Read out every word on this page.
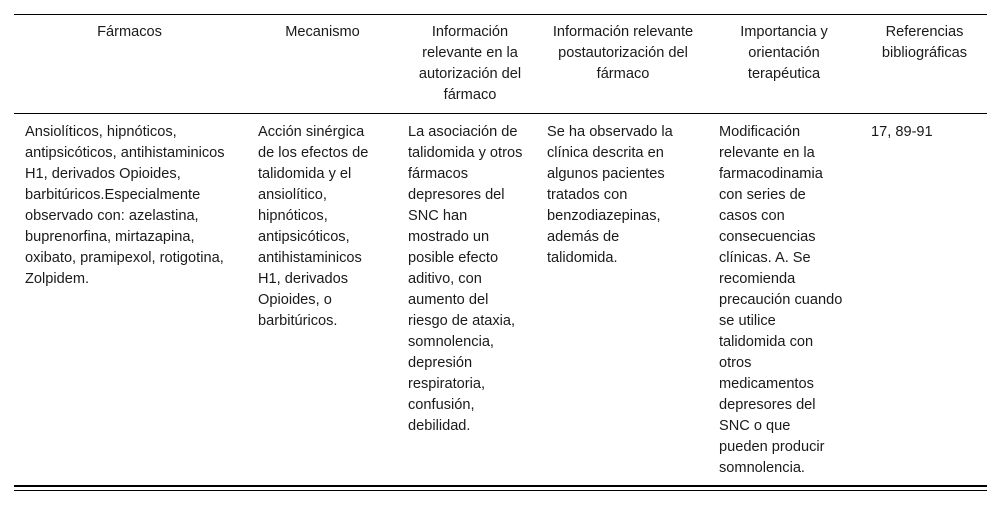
Fármacos	Mecanismo	Información relevante en la autorización del fármaco
Información relevante postautorización del fármaco
Importancia y orientación terapéutica
Referencias bibliográficas
Ansiolíticos, hipnóticos, antipsicóticos, antihistaminicos H1, derivados Opioides, barbitúricos.Especialmente observado con: azelastina, buprenorfina, mirtazapina, oxibato, pramipexol, rotigotina, Zolpidem.
Acción sinérgica de los efectos de talidomida y el ansiolítico, hipnóticos, antipsicóticos, antihistaminicos H1, derivados Opioides, o barbitúricos.
La asociación de talidomida y otros fármacos depresores del SNC han mostrado un posible efecto aditivo, con aumento del riesgo de ataxia, somnolencia, depresión respiratoria, confusión, debilidad.
Se ha observado la clínica descrita en algunos pacientes tratados con benzodiazepinas, además de talidomida.
Modificación relevante en la farmacodinamia con series de casos con consecuencias clínicas. A. Se recomienda precaución cuando se utilice talidomida con otros medicamentos depresores del SNC o que pueden producir somnolencia.
17, 89-91
